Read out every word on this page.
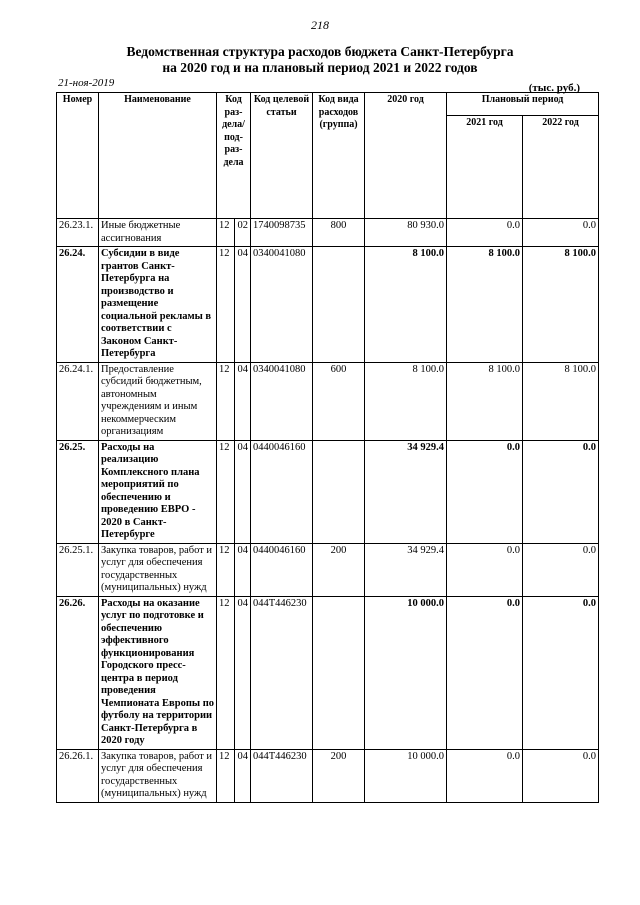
218
Ведомственная структура расходов бюджета Санкт-Петербурга
на 2020 год и на плановый период 2021 и 2022 годов
21-ноя-2019	(тыс. руб.)
Номер	Наименование	Код раз-дела/ под-раз-дела		Код целевой статьи	Код вида расходов (группа)	2020 год	Плановый период	
							2021 год	2022 год
26.23.1.	Иные бюджетные ассигнования	12	02	1740098735	800	80 930.0	0.0	0.0
26.24.	Субсидии в виде грантов Санкт-Петербурга на производство и размещение социальной рекламы в соответствии с Законом Санкт-Петербурга	12	04	0340041080		8 100.0	8 100.0	8 100.0
26.24.1.	Предоставление субсидий бюджетным, автономным учреждениям и иным некоммерческим организациям	12	04	0340041080	600	8 100.0	8 100.0	8 100.0
26.25.	Расходы на реализацию Комплексного плана мероприятий по обеспечению и проведению ЕВРО - 2020 в Санкт-Петербурге	12	04	0440046160		34 929.4	0.0	0.0
26.25.1.	Закупка товаров, работ и услуг для обеспечения государственных (муниципальных) нужд	12	04	0440046160	200	34 929.4	0.0	0.0
26.26.	Расходы на оказание услуг по подготовке и обеспечению эффективного функционирования Городского пресс-центра в период проведения Чемпионата Европы по футболу на территории Санкт-Петербурга в 2020 году	12	04	044Т446230		10 000.0	0.0	0.0
26.26.1.	Закупка товаров, работ и услуг для обеспечения государственных (муниципальных) нужд	12	04	044Т446230	200	10 000.0	0.0	0.0
